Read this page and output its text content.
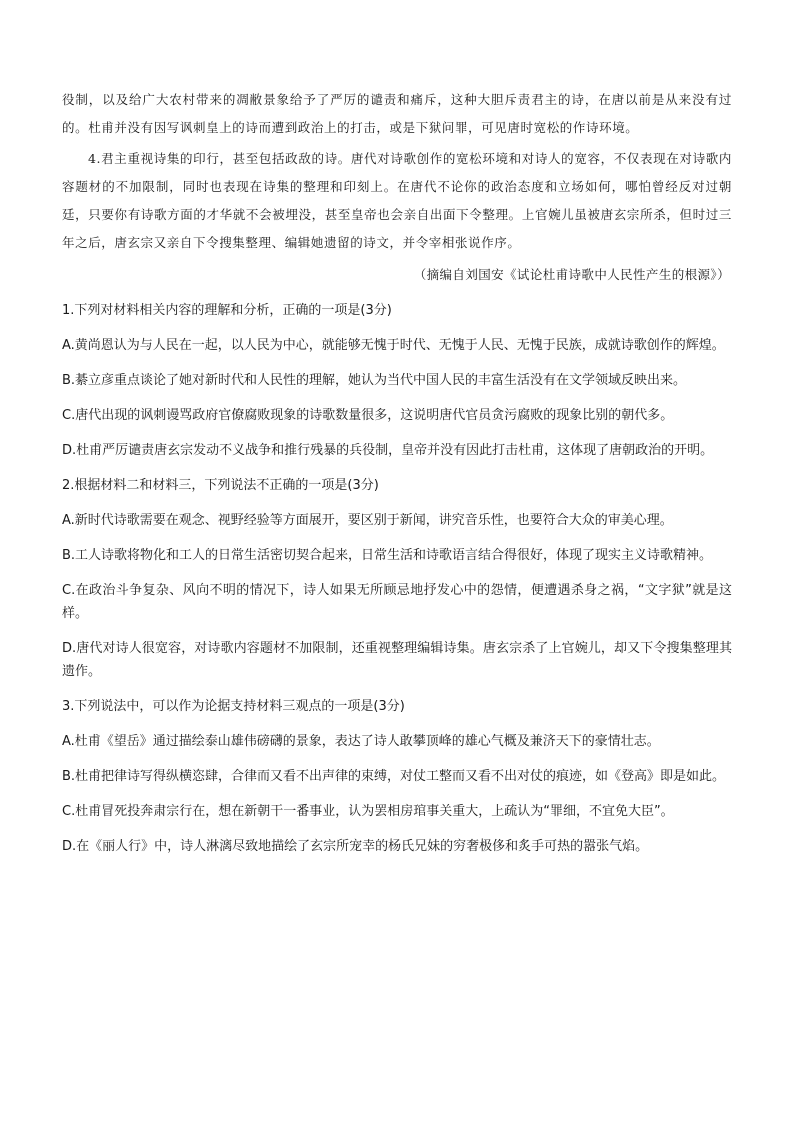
役制，以及给广大农村带来的凋敝景象给予了严厉的谴责和痛斥，这种大胆斥责君主的诗，在唐以前是从来没有过的。杜甫并没有因写讽刺皇上的诗而遭到政治上的打击，或是下狱问罪，可见唐时宽松的作诗环境。

4.君主重视诗集的印行，甚至包括政敌的诗。唐代对诗歌创作的宽松环境和对诗人的宽容，不仅表现在对诗歌内容题材的不加限制，同时也表现在诗集的整理和印刻上。在唐代不论你的政治态度和立场如何，哪怕曾经反对过朝廷，只要你有诗歌方面的才华就不会被埋没，甚至皇帝也会亲自出面下令整理。上官婉儿虽被唐玄宗所杀，但时过三年之后，唐玄宗又亲自下令搜集整理、编辑她遗留的诗文，并令宰相张说作序。

（摘编自刘国安《试论杜甫诗歌中人民性产生的根源》）

1.下列对材料相关内容的理解和分析，正确的一项是(3分)

A.黄尚恩认为与人民在一起，以人民为中心，就能够无愧于时代、无愧于人民、无愧于民族，成就诗歌创作的辉煌。

B.綦立彦重点谈论了她对新时代和人民性的理解，她认为当代中国人民的丰富生活没有在文学领域反映出来。

C.唐代出现的讽刺谩骂政府官僚腐败现象的诗歌数量很多，这说明唐代官员贪污腐败的现象比别的朝代多。

D.杜甫严厉谴责唐玄宗发动不义战争和推行残暴的兵役制，皇帝并没有因此打击杜甫，这体现了唐朝政治的开明。

2.根据材料二和材料三，下列说法不正确的一项是(3分)

A.新时代诗歌需要在观念、视野经验等方面展开，要区别于新闻，讲究音乐性，也要符合大众的审美心理。

B.工人诗歌将物化和工人的日常生活密切契合起来，日常生活和诗歌语言结合得很好，体现了现实主义诗歌精神。

C.在政治斗争复杂、风向不明的情况下，诗人如果无所顾忌地抒发心中的怨情，便遭遇杀身之祸，“文字狱”就是这样。

D.唐代对诗人很宽容，对诗歌内容题材不加限制，还重视整理编辑诗集。唐玄宗杀了上官婉儿，却又下令搜集整理其遗作。

3.下列说法中，可以作为论据支持材料三观点的一项是(3分)

A.杜甫《望岳》通过描绘泰山雄伟磅礴的景象，表达了诗人敢攀顶峰的雄心气概及兼济天下的豪情壮志。

B.杜甫把律诗写得纵横恣肆，合律而又看不出声律的束缚，对仗工整而又看不出对仗的痕迹，如《登高》即是如此。

C.杜甫冒死投奔肃宗行在，想在新朝干一番事业，认为罢相房琯事关重大，上疏认为“罪细，不宜免大臣”。

D.在《丽人行》中，诗人淋漓尽致地描绘了玄宗所宠幸的杨氏兄妹的穷奢极侈和炙手可热的嚣张气焰。
